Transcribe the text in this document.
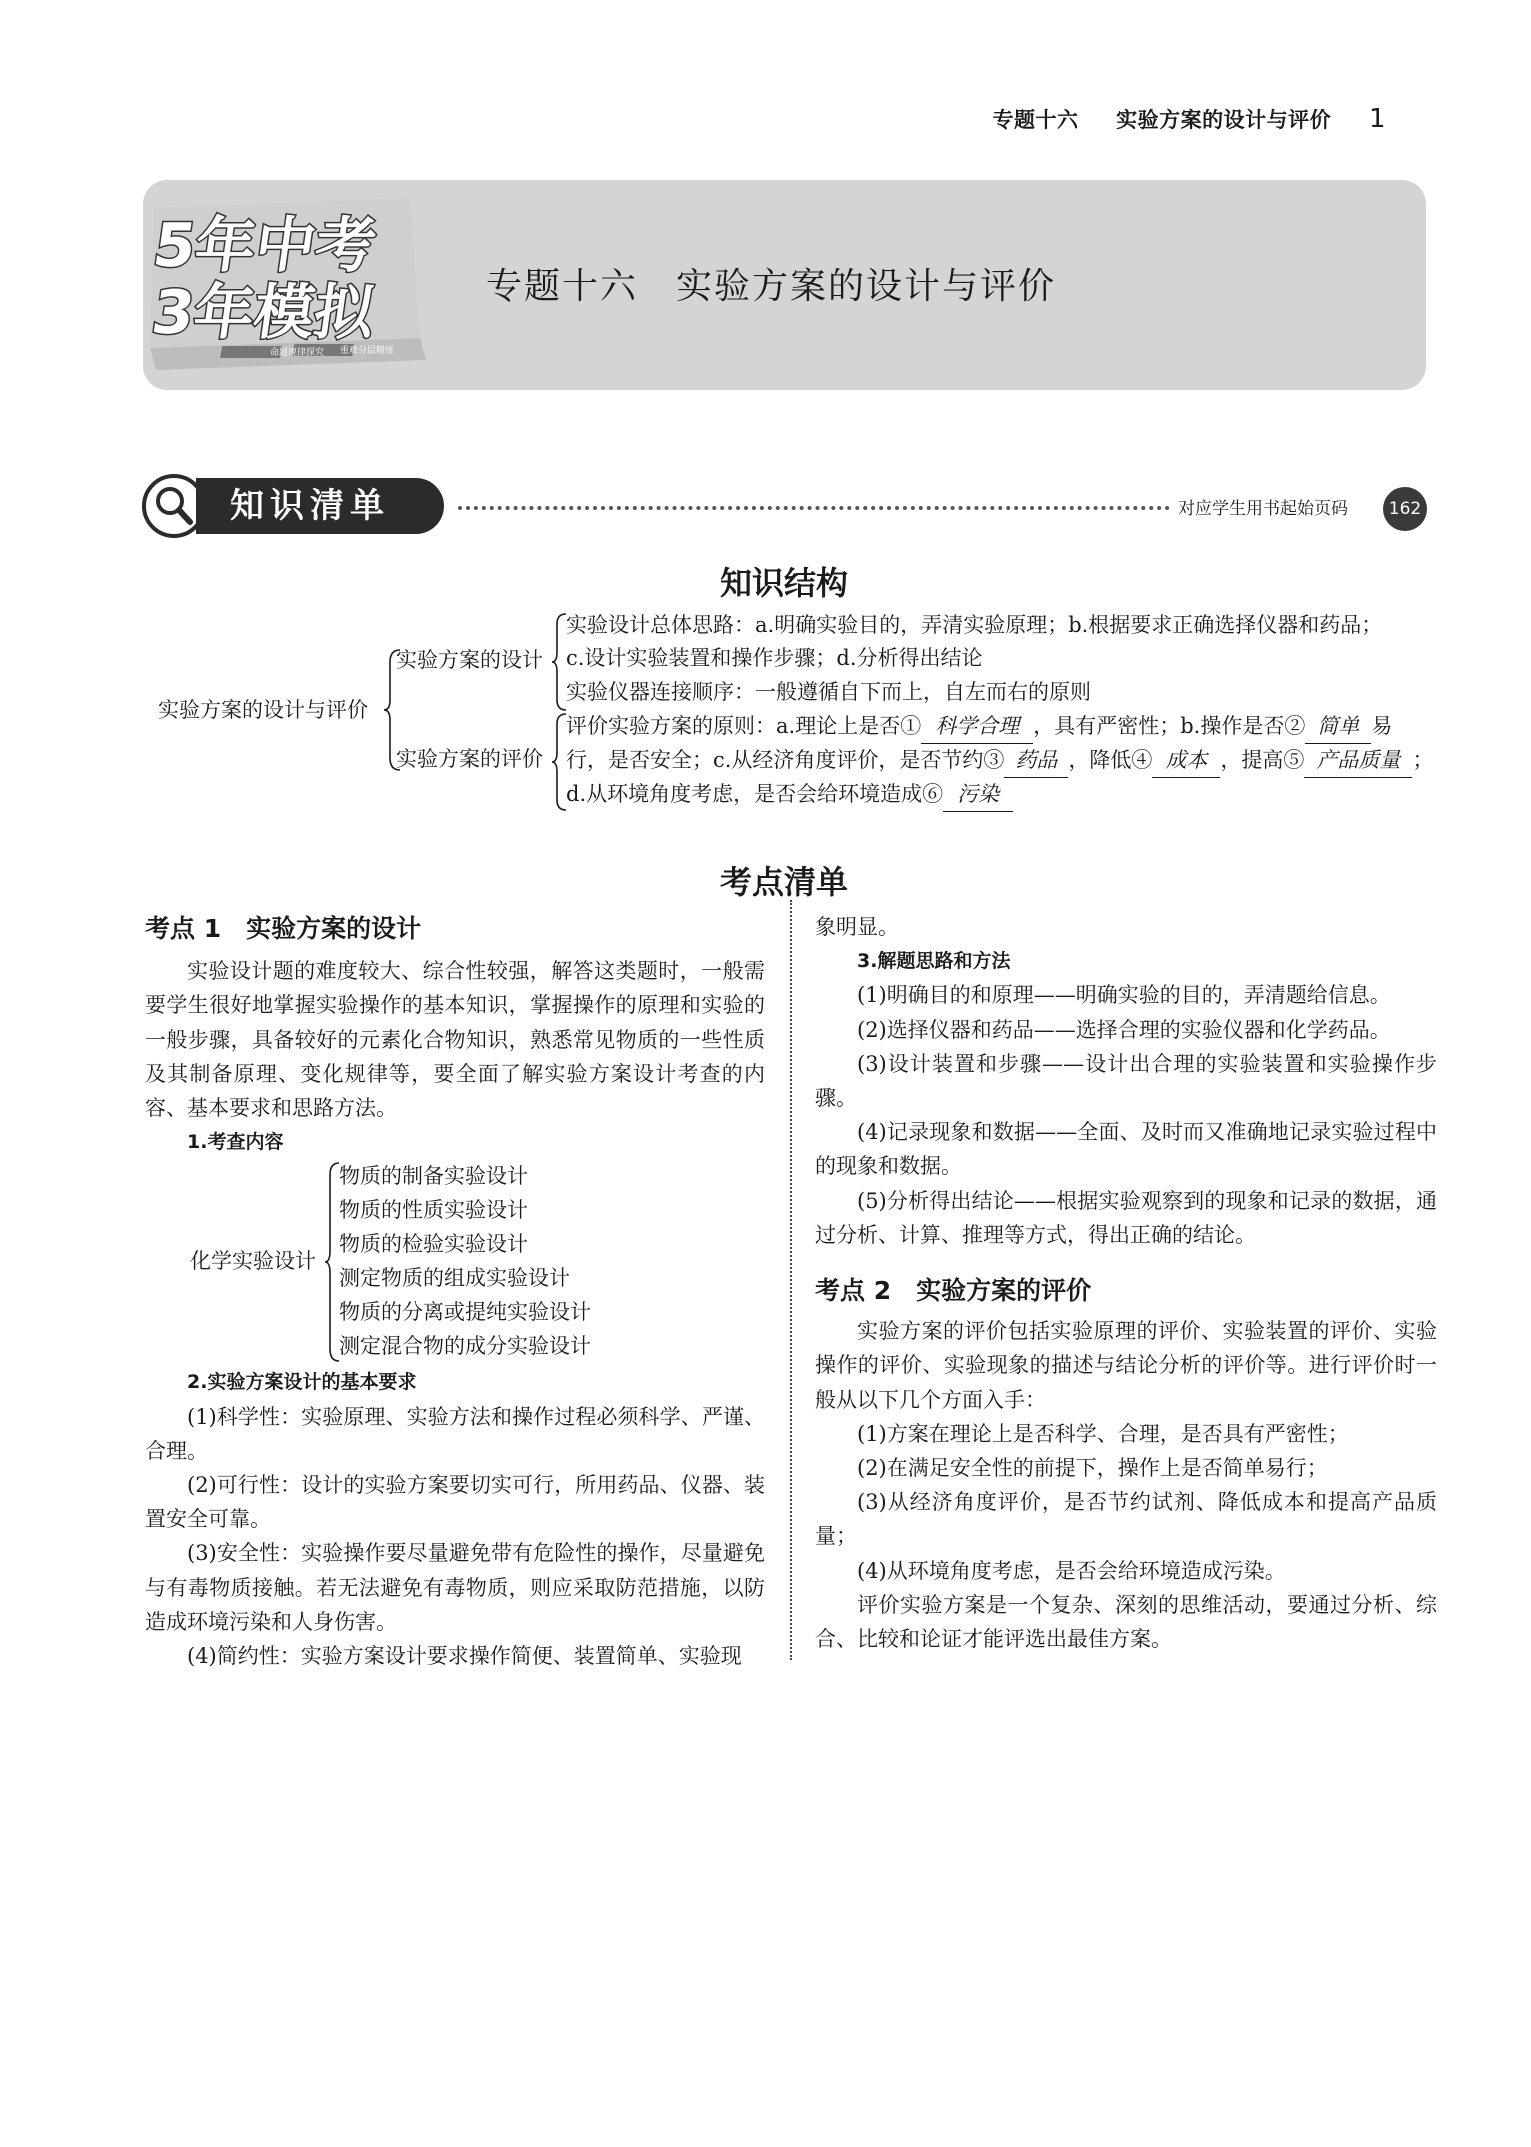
专题十六 实验方案的设计与评价 1
命题规律探究 重难分层精练
5年中考
3年模拟	专题十六　实验方案的设计与评价
知识清单	对应学生用书起始页码	162
知识结构
实验方案的设计与评价
实验方案的设计
实验设计总体思路：a.明确实验目的，弄清实验原理；b.根据要求正确选择仪器和药品；
c.设计实验装置和操作步骤；d.分析得出结论
实验仪器连接顺序：一般遵循自下而上，自左而右的原则
实验方案的评价
评价实验方案的原则：a.理论上是否① 科学合理 ，具有严密性；b.操作是否② 简单 易
行，是否安全；c.从经济角度评价，是否节约③ 药品 ，降低④ 成本 ，提高⑤ 产品质量 ；
d.从环境角度考虑，是否会给环境造成⑥ 污染
考点清单

考点 1　实验方案的设计

实验设计题的难度较大、综合性较强，解答这类题时，一般需要学生很好地掌握实验操作的基本知识，掌握操作的原理和实验的一般步骤，具备较好的元素化合物知识，熟悉常见物质的一些性质及其制备原理、变化规律等，要全面了解实验方案设计考查的内容、基本要求和思路方法。

1.考查内容

化学实验设计
物质的制备实验设计
物质的性质实验设计
物质的检验实验设计
测定物质的组成实验设计
物质的分离或提纯实验设计
测定混合物的成分实验设计

2.实验方案设计的基本要求

(1)科学性：实验原理、实验方法和操作过程必须科学、严谨、合理。

(2)可行性：设计的实验方案要切实可行，所用药品、仪器、装置安全可靠。

(3)安全性：实验操作要尽量避免带有危险性的操作，尽量避免与有毒物质接触。若无法避免有毒物质，则应采取防范措施，以防造成环境污染和人身伤害。

(4)简约性：实验方案设计要求操作简便、装置简单、实验现

象明显。

3.解题思路和方法

(1)明确目的和原理——明确实验的目的，弄清题给信息。

(2)选择仪器和药品——选择合理的实验仪器和化学药品。

(3)设计装置和步骤——设计出合理的实验装置和实验操作步骤。

(4)记录现象和数据——全面、及时而又准确地记录实验过程中的现象和数据。

(5)分析得出结论——根据实验观察到的现象和记录的数据，通过分析、计算、推理等方式，得出正确的结论。

考点 2　实验方案的评价

实验方案的评价包括实验原理的评价、实验装置的评价、实验操作的评价、实验现象的描述与结论分析的评价等。进行评价时一般从以下几个方面入手：

(1)方案在理论上是否科学、合理，是否具有严密性；

(2)在满足安全性的前提下，操作上是否简单易行；

(3)从经济角度评价，是否节约试剂、降低成本和提高产品质量；

(4)从环境角度考虑，是否会给环境造成污染。

评价实验方案是一个复杂、深刻的思维活动，要通过分析、综合、比较和论证才能评选出最佳方案。
